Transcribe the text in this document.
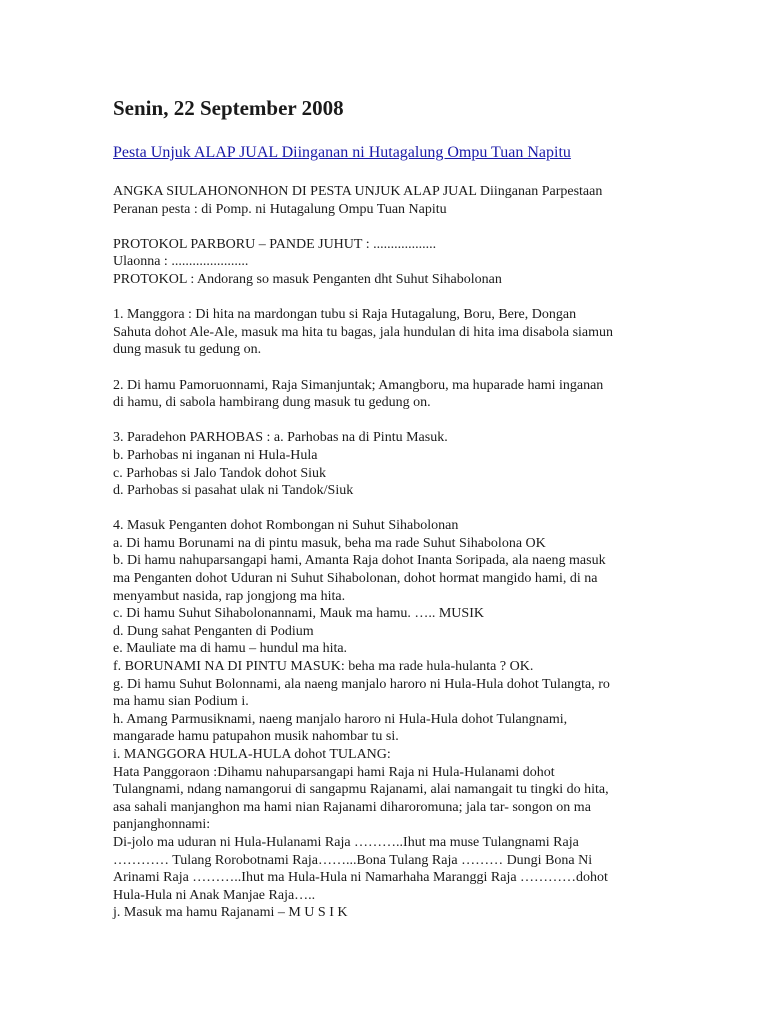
Senin, 22 September 2008
Pesta Unjuk ALAP JUAL Diinganan ni Hutagalung Ompu Tuan Napitu

ANGKA SIULAHONONHON DI PESTA UNJUK ALAP JUAL Diinganan Parpestaan
Peranan pesta : di Pomp. ni Hutagalung Ompu Tuan Napitu

PROTOKOL PARBORU – PANDE JUHUT : ..................
Ulaonna : ......................
PROTOKOL : Andorang so masuk Penganten dht Suhut Sihabolonan

1. Manggora : Di hita na mardongan tubu si Raja Hutagalung, Boru, Bere, Dongan
Sahuta dohot Ale-Ale, masuk ma hita tu bagas, jala hundulan di hita ima disabola siamun
dung masuk tu gedung on.

2. Di hamu Pamoruonnami, Raja Simanjuntak; Amangboru, ma huparade hami inganan
di hamu, di sabola hambirang dung masuk tu gedung on.

3. Paradehon PARHOBAS : a. Parhobas na di Pintu Masuk.
b. Parhobas ni inganan ni Hula-Hula
c. Parhobas si Jalo Tandok dohot Siuk
d. Parhobas si pasahat ulak ni Tandok/Siuk

4. Masuk Penganten dohot Rombongan ni Suhut Sihabolonan
a. Di hamu Borunami na di pintu masuk, beha ma rade Suhut Sihabolona OK
b. Di hamu nahuparsangapi hami, Amanta Raja dohot Inanta Soripada, ala naeng masuk
ma Penganten dohot Uduran ni Suhut Sihabolonan, dohot hormat mangido hami, di na
menyambut nasida, rap jongjong ma hita.
c. Di hamu Suhut Sihabolonannami, Mauk ma hamu. ….. MUSIK
d. Dung sahat Penganten di Podium
e. Mauliate ma di hamu – hundul ma hita.
f. BORUNAMI NA DI PINTU MASUK: beha ma rade hula-hulanta ? OK.
g. Di hamu Suhut Bolonnami, ala naeng manjalo haroro ni Hula-Hula dohot Tulangta, ro
ma hamu sian Podium i.
h. Amang Parmusiknami, naeng manjalo haroro ni Hula-Hula dohot Tulangnami,
mangarade hamu patupahon musik nahombar tu si.
i. MANGGORA HULA-HULA dohot TULANG:
Hata Panggoraon :Dihamu nahuparsangapi hami Raja ni Hula-Hulanami dohot
Tulangnami, ndang namangorui di sangapmu Rajanami, alai namangait tu tingki do hita,
asa sahali manjanghon ma hami nian Rajanami diharoromuna; jala tar- songon on ma
panjanghonnami:
Di-jolo ma uduran ni Hula-Hulanami Raja ………..Ihut ma muse Tulangnami Raja
………… Tulang Rorobotnami Raja……...Bona Tulang Raja ……… Dungi Bona Ni
Arinami Raja ………..Ihut ma Hula-Hula ni Namarhaha Maranggi Raja …………dohot
Hula-Hula ni Anak Manjae Raja…..
j. Masuk ma hamu Rajanami – M U S I K
